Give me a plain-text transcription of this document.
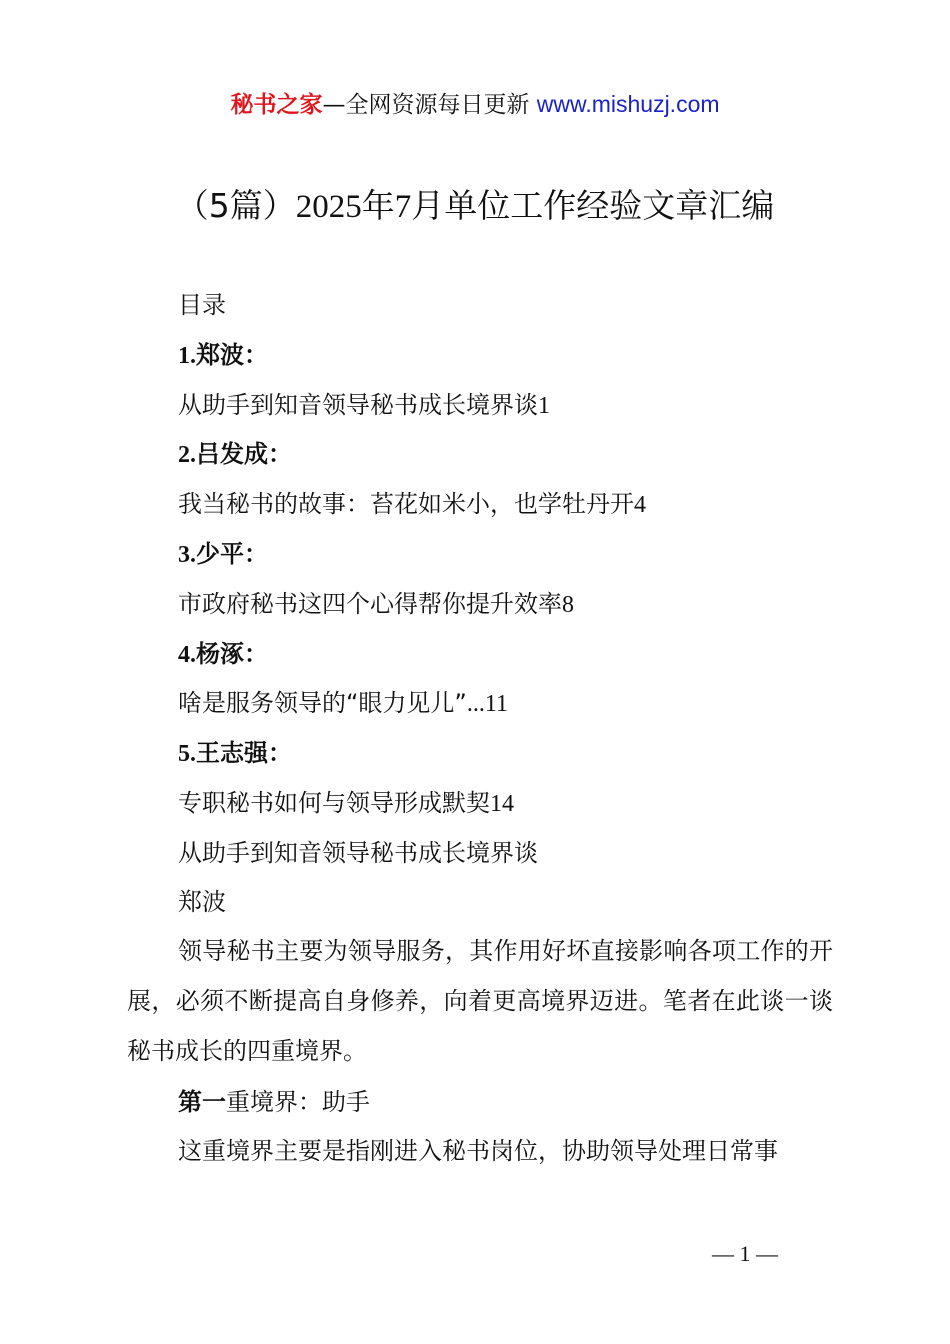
秘书之家—全网资源每日更新 www.mishuzj.com
（5篇）2025年7月单位工作经验文章汇编
目录
1.郑波：
从助手到知音领导秘书成长境界谈1
2.吕发成：
我当秘书的故事：苔花如米小，也学牡丹开4
3.少平：
市政府秘书这四个心得帮你提升效率8
4.杨涿：
啥是服务领导的“眼力见儿”...11
5.王志强：
专职秘书如何与领导形成默契14
从助手到知音领导秘书成长境界谈
郑波
领导秘书主要为领导服务，其作用好坏直接影响各项工作的开展，必须不断提高自身修养，向着更高境界迈进。笔者在此谈一谈秘书成长的四重境界。
第一重境界：助手
这重境界主要是指刚进入秘书岗位，协助领导处理日常事
— 1 —
